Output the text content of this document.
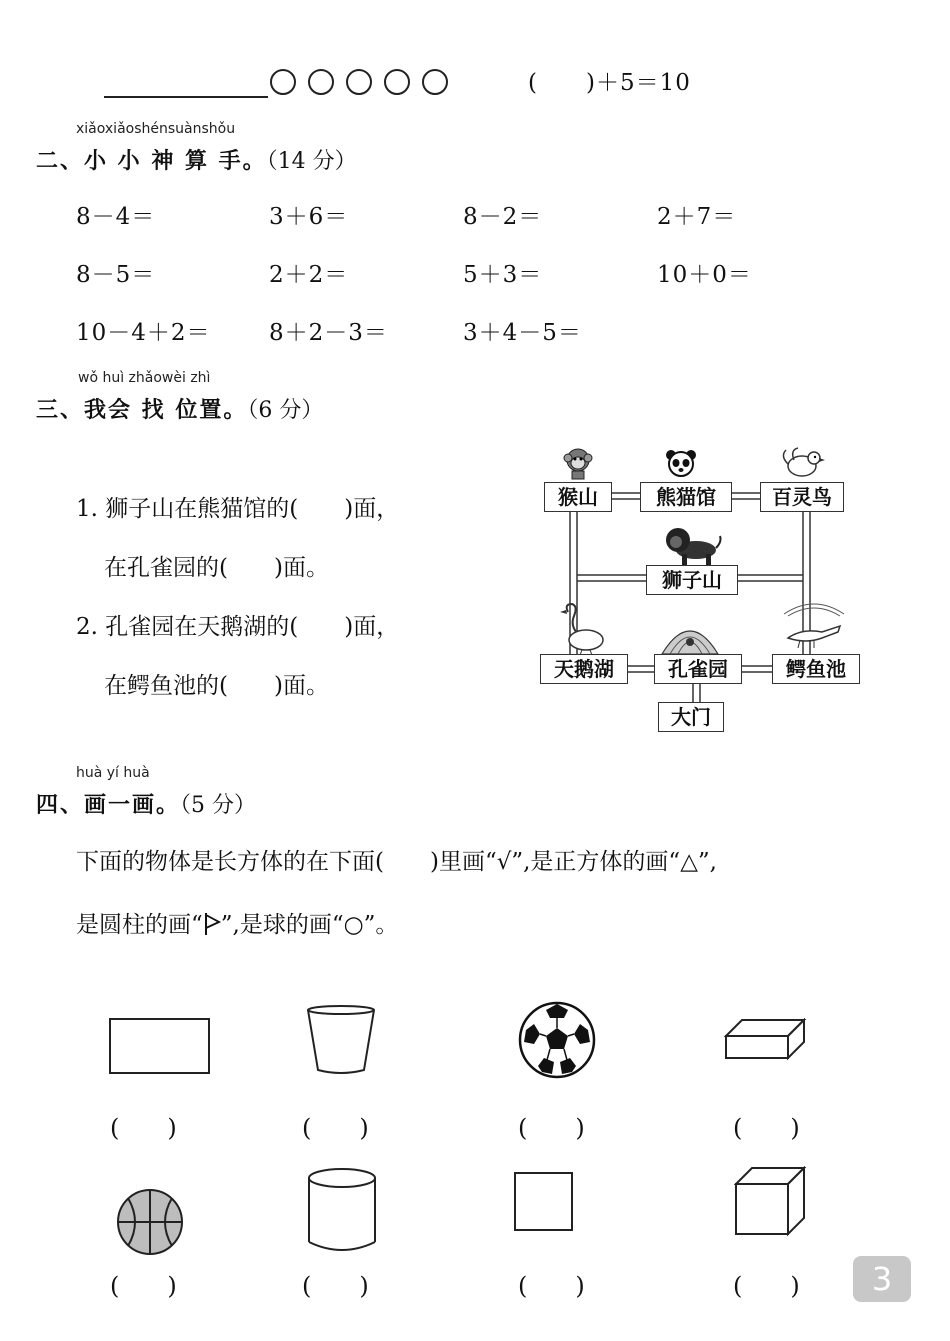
(　　)＋5＝10
xiǎoxiǎoshénsuànshǒu
二、小 小 神 算 手。（14 分）
8－4＝	3＋6＝	8－2＝	2＋7＝
8－5＝	2＋2＝	5＋3＝	10＋0＝
10－4＋2＝	8＋2－3＝	3＋4－5＝
wǒ huì zhǎowèi zhì
三、我会 找 位置。（6 分）
1. 狮子山在熊猫馆的(　　)面，
在孔雀园的(　　)面。
2. 孔雀园在天鹅湖的(　　)面，
在鳄鱼池的(　　)面。
猴山	熊猫馆	百灵鸟
狮子山
天鹅湖	孔雀园	鳄鱼池
大门
huà yí huà
四、画一画。（5 分）
下面的物体是长方体的在下面(　　)里画“√”,是正方体的画“△”,
是圆柱的画“ ”,是球的画“○”。
(　　)	(　　)	(　　)	(　　)
(　　)	(　　)	(　　)	(　　)	3
